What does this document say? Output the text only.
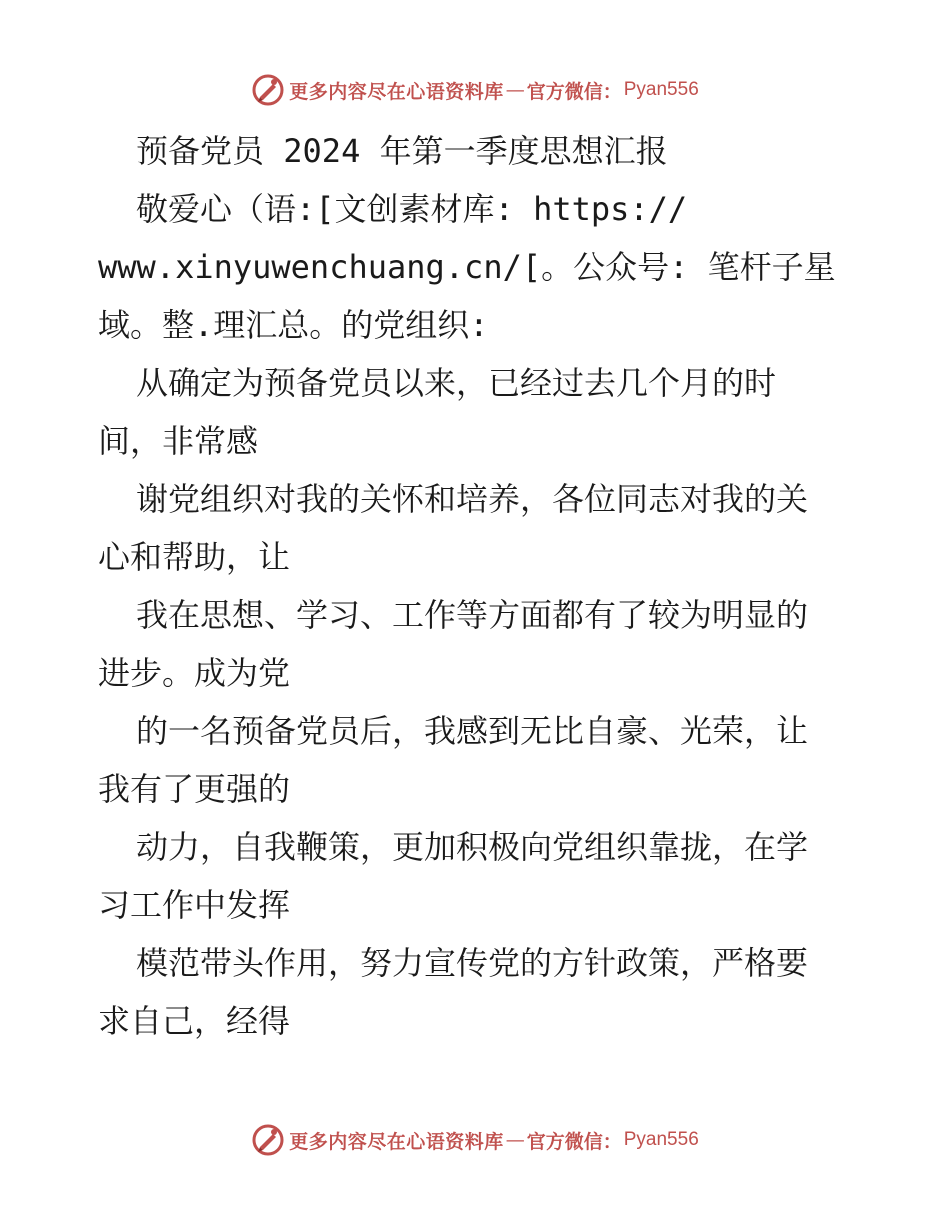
更多内容尽在心语资料库 — 官方微信： Pyan556
预备党员 2024 年第一季度思想汇报
敬爱心（语:[文创素材库: https://
www.xinyuwenchuang.cn/[。公众号: 笔杆子星
域。整.理汇总。的党组织:
从确定为预备党员以来，已经过去几个月的时
间，非常感
谢党组织对我的关怀和培养，各位同志对我的关
心和帮助，让
我在思想、学习、工作等方面都有了较为明显的
进步。成为党
的一名预备党员后，我感到无比自豪、光荣，让
我有了更强的
动力，自我鞭策，更加积极向党组织靠拢，在学
习工作中发挥
模范带头作用，努力宣传党的方针政策，严格要
求自己，经得
更多内容尽在心语资料库 — 官方微信： Pyan556
